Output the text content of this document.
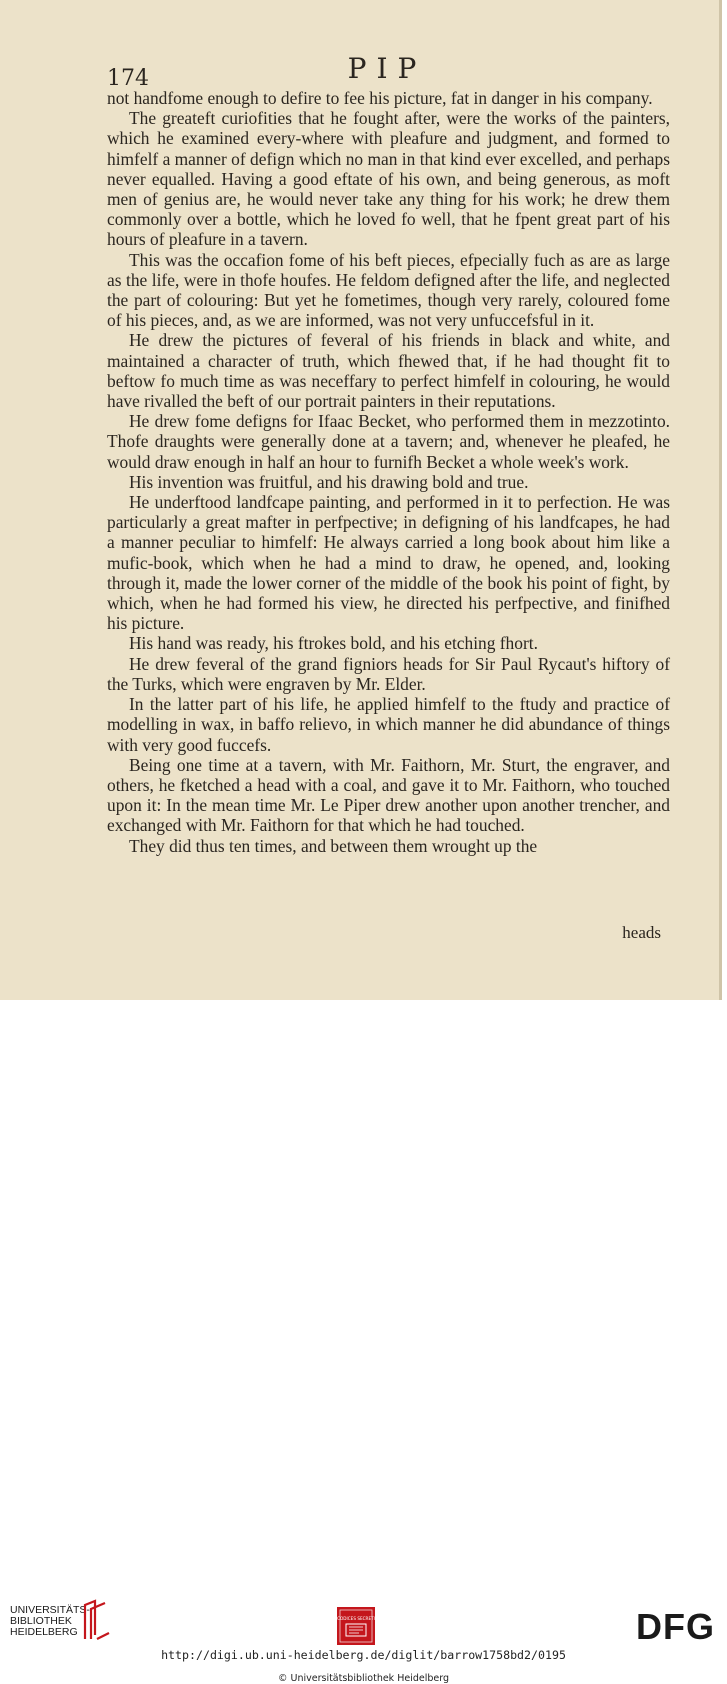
174	PIP

not handfome enough to defire to fee his picture, fat in danger in his company.

The greateft curiofities that he fought after, were the works of the painters, which he examined every-where with pleafure and judgment, and formed to himfelf a manner of defign which no man in that kind ever excelled, and perhaps never equalled. Having a good eftate of his own, and being generous, as moft men of genius are, he would never take any thing for his work; he drew them commonly over a bottle, which he loved fo well, that he fpent great part of his hours of pleafure in a tavern.

This was the occafion fome of his beft pieces, efpecially fuch as are as large as the life, were in thofe houfes. He feldom defigned after the life, and neglected the part of colouring: But yet he fometimes, though very rarely, coloured fome of his pieces, and, as we are informed, was not very unfuccefsful in it.

He drew the pictures of feveral of his friends in black and white, and maintained a character of truth, which fhewed that, if he had thought fit to beftow fo much time as was neceffary to perfect himfelf in colouring, he would have rivalled the beft of our portrait painters in their reputations.

He drew fome defigns for Ifaac Becket, who performed them in mezzotinto. Thofe draughts were generally done at a tavern; and, whenever he pleafed, he would draw enough in half an hour to furnifh Becket a whole week's work.

His invention was fruitful, and his drawing bold and true.

He underftood landfcape painting, and performed in it to perfection. He was particularly a great mafter in perfpective; in defigning of his landfcapes, he had a manner peculiar to himfelf: He always carried a long book about him like a mufic-book, which when he had a mind to draw, he opened, and, looking through it, made the lower corner of the middle of the book his point of fight, by which, when he had formed his view, he directed his perfpective, and finifhed his picture.

His hand was ready, his ftrokes bold, and his etching fhort.

He drew feveral of the grand figniors heads for Sir Paul Rycaut's hiftory of the Turks, which were engraven by Mr. Elder.

In the latter part of his life, he applied himfelf to the ftudy and practice of modelling in wax, in baffo relievo, in which manner he did abundance of things with very good fuccefs.

Being one time at a tavern, with Mr. Faithorn, Mr. Sturt, the engraver, and others, he fketched a head with a coal, and gave it to Mr. Faithorn, who touched upon it: In the mean time Mr. Le Piper drew another upon another trencher, and exchanged with Mr. Faithorn for that which he had touched.

They did thus ten times, and between them wrought up the

heads
UNIVERSITÄTS-
BIBLIOTHEK
HEIDELBERG
CODICES SECRETI	DFG
http://digi.ub.uni-heidelberg.de/diglit/barrow1758bd2/0195
© Universitätsbibliothek Heidelberg
